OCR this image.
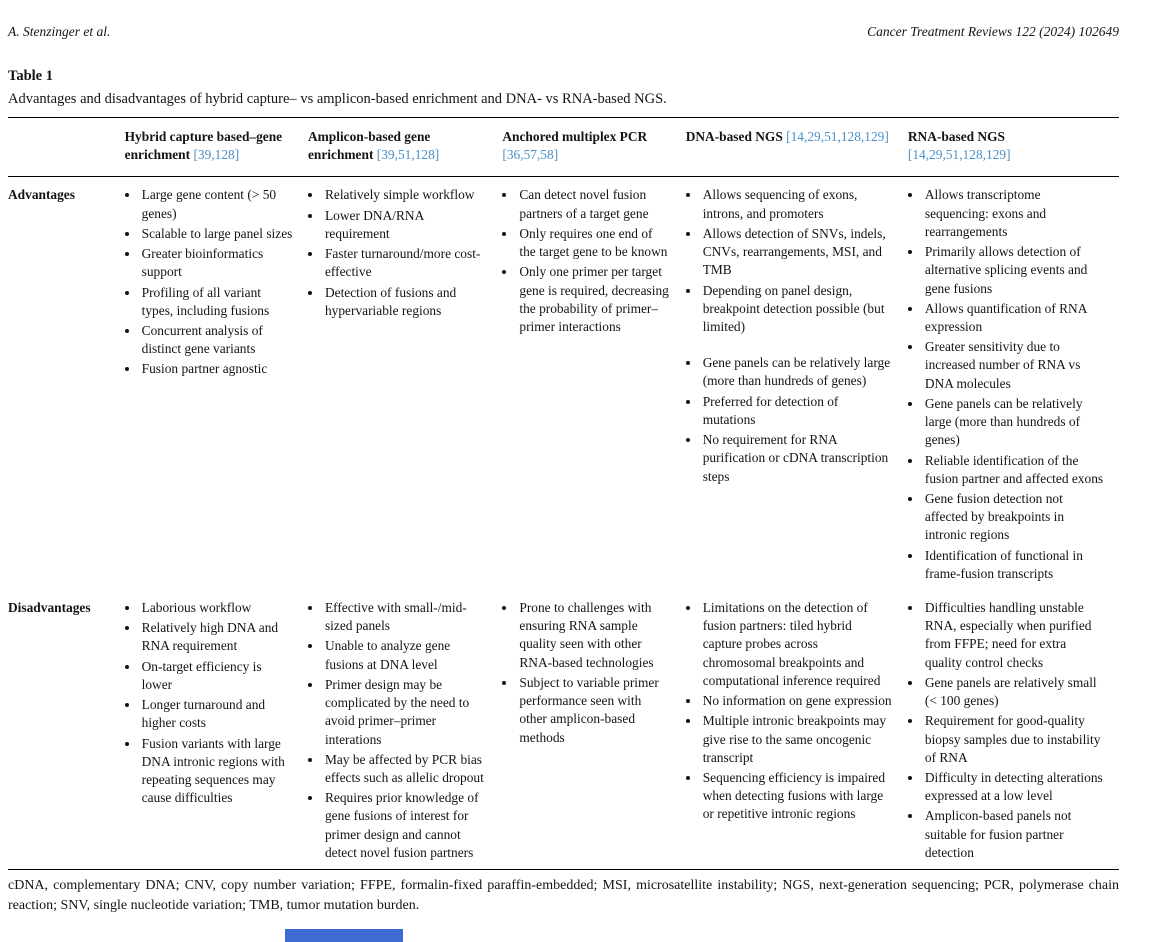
A. Stenzinger et al.	Cancer Treatment Reviews 122 (2024) 102649
Table 1
Advantages and disadvantages of hybrid capture– vs amplicon-based enrichment and DNA- vs RNA-based NGS.
	Hybrid capture based–gene enrichment [39,128]	Amplicon-based gene enrichment [39,51,128]	Anchored multiplex PCR [36,57,58]	DNA-based NGS [14,29,51,128,129]	RNA-based NGS [14,29,51,128,129]
Advantages	
•Large gene content (> 50 genes)
• Scalable to large panel sizes
• Greater bioinformatics support
• Profiling of all variant types, including fusions
• Concurrent analysis of distinct gene variants
• Fusion partner agnostic

• Relatively simple workflow
• Lower DNA/RNA requirement
• Faster turnaround/more cost-effective
• Detection of fusions and hypervariable regions

• Can detect novel fusion partners of a target gene
• Only requires one end of the target gene to be known
• Only one primer per target gene is required, decreasing the probability of primer–primer interactions

• Allows sequencing of exons, introns, and promoters
• Allows detection of SNVs, indels, CNVs, rearrangements, MSI, and TMB
• Depending on panel design, breakpoint detection possible (but limited)
• Gene panels can be relatively large (more than hundreds of genes)
• Preferred for detection of mutations
• No requirement for RNA purification or cDNA transcription steps

• Allows transcriptome sequencing: exons and rearrangements
• Primarily allows detection of alternative splicing events and gene fusions
• Allows quantification of RNA expression
• Greater sensitivity due to increased number of RNA vs DNA molecules
• Gene panels can be relatively large (more than hundreds of genes)
• Reliable identification of the fusion partner and affected exons
• Gene fusion detection not affected by breakpoints in intronic regions
• Identification of functional in frame-fusion transcripts

Disadvantages	
•Laborious workflow
• Relatively high DNA and RNA requirement
• On-target efficiency is lower
• Longer turnaround and higher costs
• Fusion variants with large DNA intronic regions with repeating sequences may cause difficulties

• Effective with small-/mid-sized panels
• Unable to analyze gene fusions at DNA level
• Primer design may be complicated by the need to avoid primer–primer interations
• May be affected by PCR bias effects such as allelic dropout
• Requires prior knowledge of gene fusions of interest for primer design and cannot detect novel fusion partners

• Prone to challenges with ensuring RNA sample quality seen with other RNA-based technologies
• Subject to variable primer performance seen with other amplicon-based methods

• Limitations on the detection of fusion partners: tiled hybrid capture probes across chromosomal breakpoints and computational inference required
• No information on gene expression
• Multiple intronic breakpoints may give rise to the same oncogenic transcript
• Sequencing efficiency is impaired when detecting fusions with large or repetitive intronic regions

• Difficulties handling unstable RNA, especially when purified from FFPE; need for extra quality control checks
• Gene panels are relatively small (< 100 genes)
• Requirement for good-quality biopsy samples due to instability of RNA
• Difficulty in detecting alterations expressed at a low level
• Amplicon-based panels not suitable for fusion partner detection
cDNA, complementary DNA; CNV, copy number variation; FFPE, formalin-fixed paraffin-embedded; MSI, microsatellite instability; NGS, next-generation sequencing; PCR, polymerase chain reaction; SNV, single nucleotide variation; TMB, tumor mutation burden.
